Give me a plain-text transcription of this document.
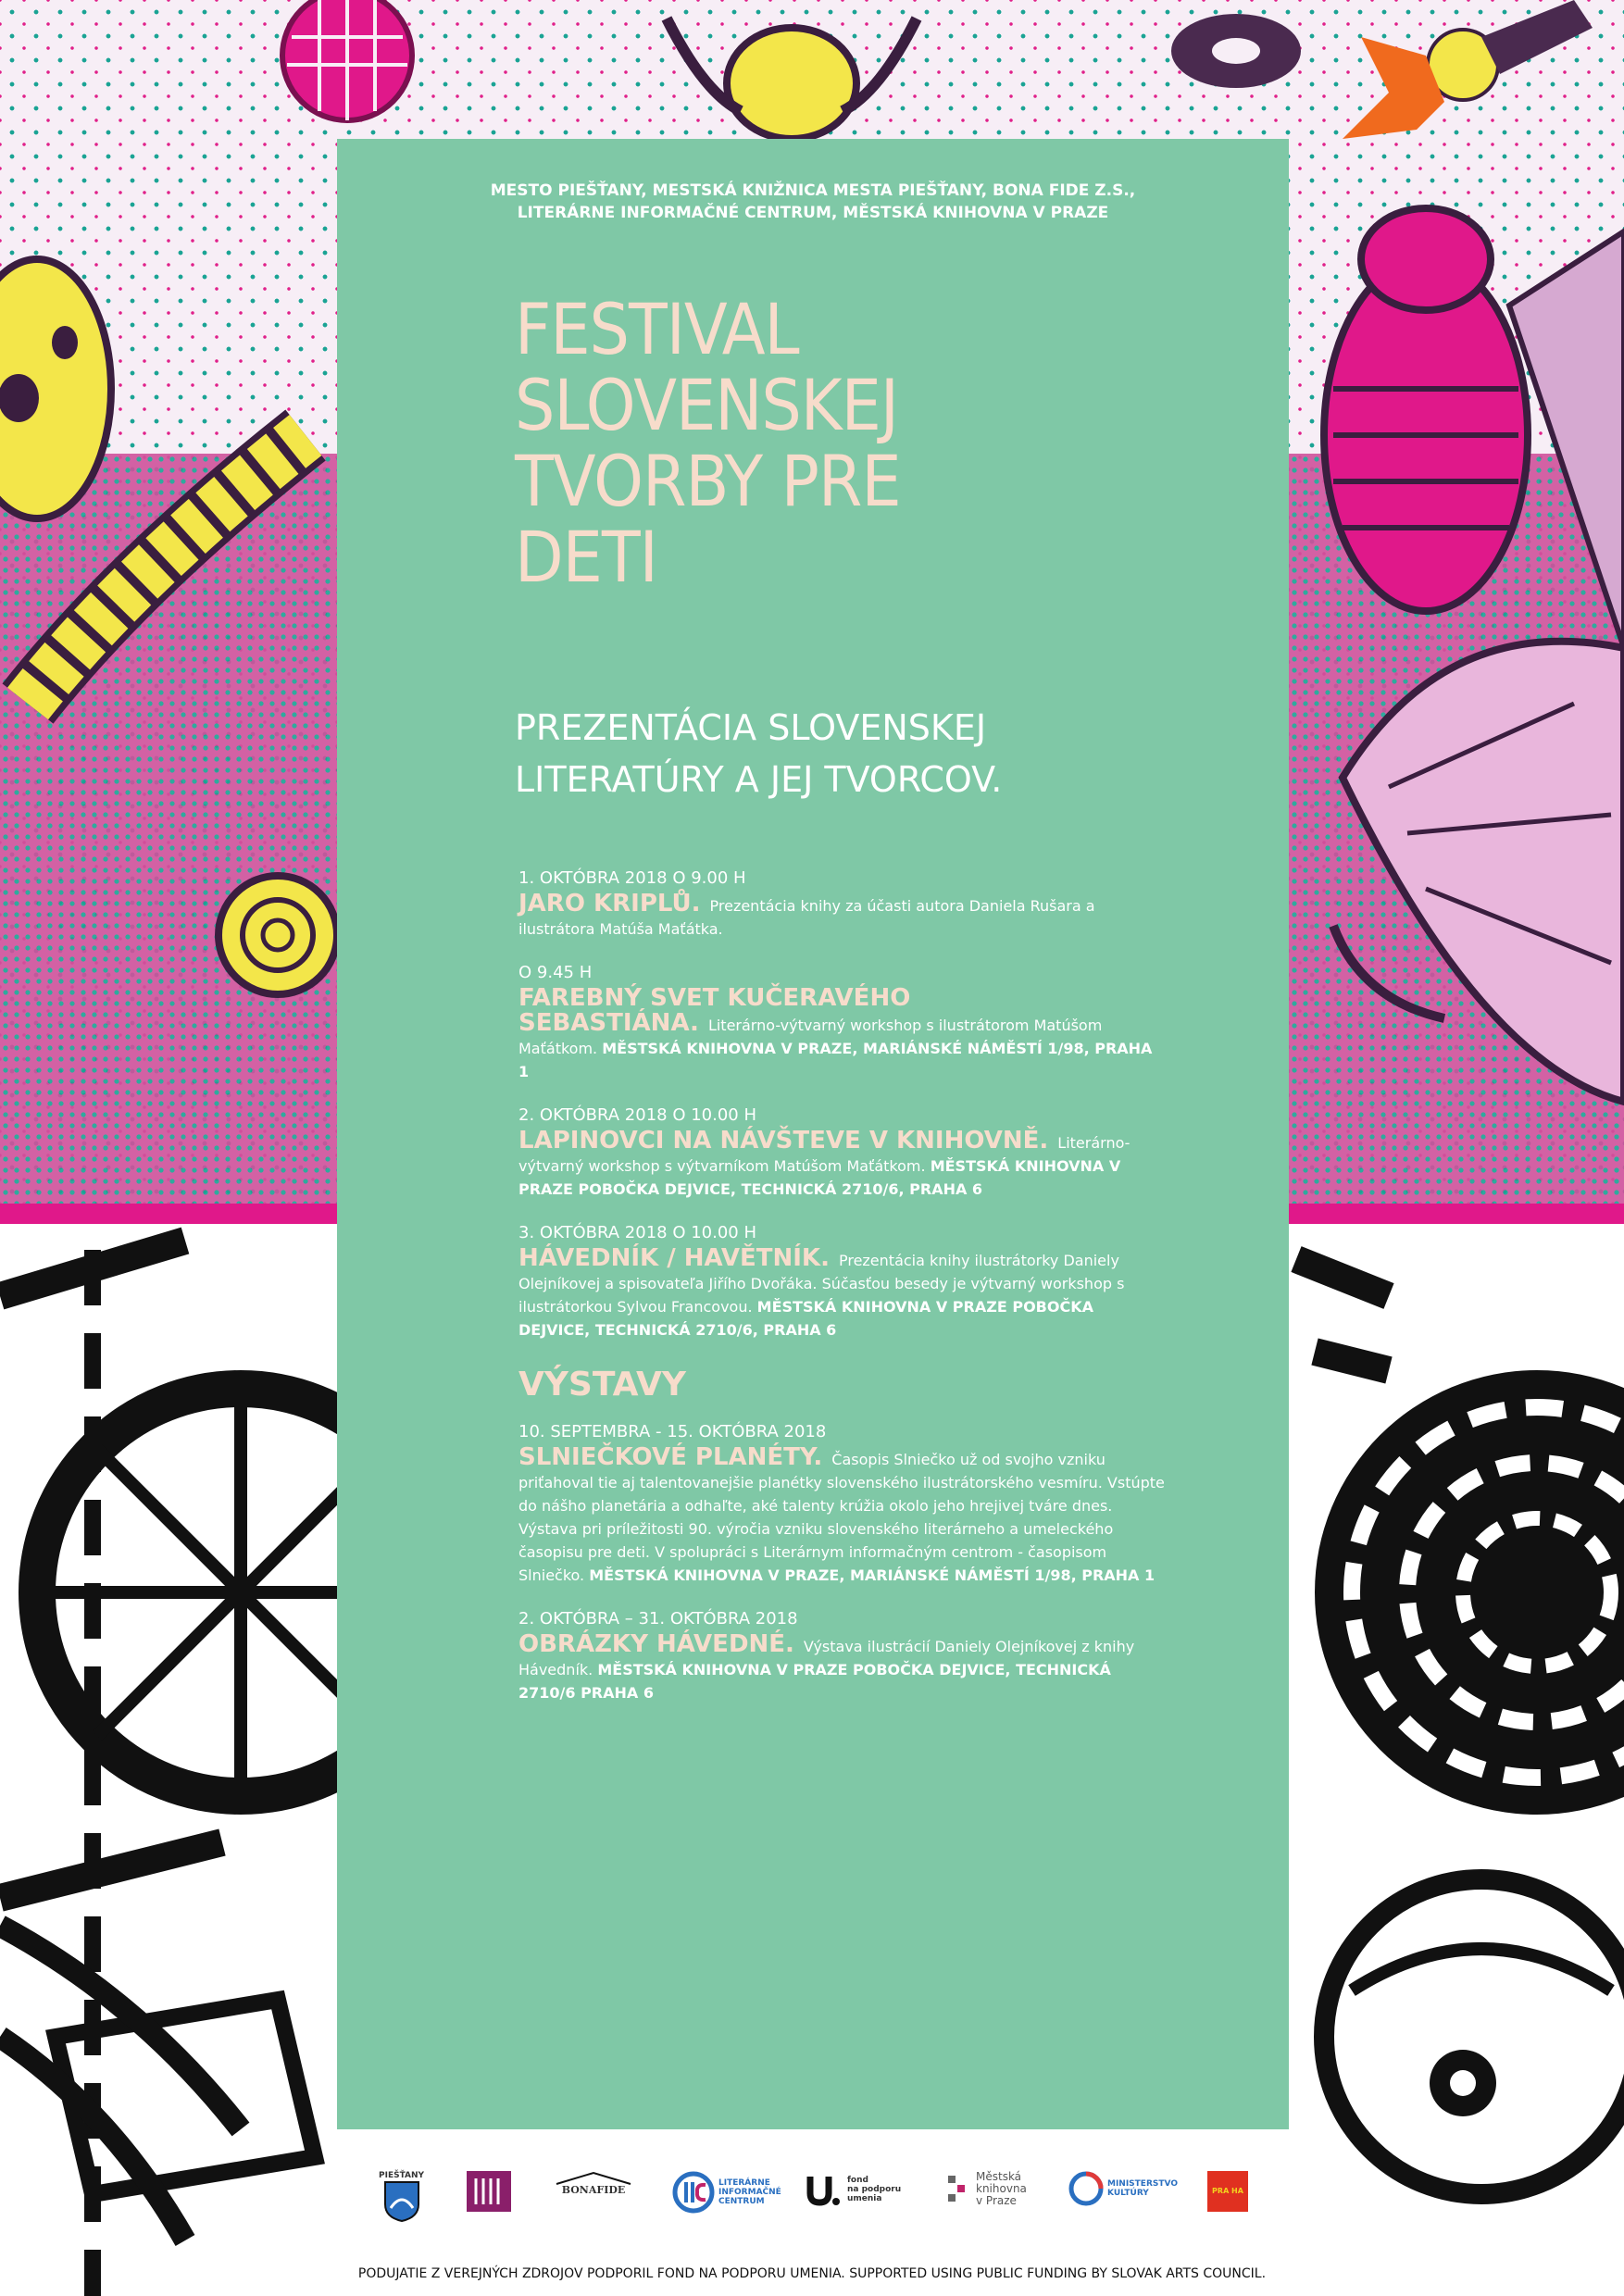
MESTO PIEŠŤANY, MESTSKÁ KNIŽNICA MESTA PIEŠŤANY, BONA FIDE Z.S.,
LITERÁRNE INFORMAČNÉ CENTRUM, MĚSTSKÁ KNIHOVNA V PRAZE
FESTIVAL
SLOVENSKEJ
TVORBY PRE
DETI
PREZENTÁCIA SLOVENSKEJ
LITERATÚRY A JEJ TVORCOV.
1. OKTÓBRA 2018 O 9.00 H
JARO KRIPLŮ. Prezentácia knihy za účasti autora Daniela Rušara a ilustrátora Matúša Maťátka.
O 9.45 H
FAREBNÝ SVET KUČERAVÉHO SEBASTIÁNA. Literárno-výtvarný workshop s ilustrátorom Matúšom Maťátkom. MĚSTSKÁ KNIHOVNA V PRAZE, MARIÁNSKÉ NÁMĚSTÍ 1/98, PRAHA 1
2. OKTÓBRA 2018 O 10.00 H
LAPINOVCI NA NÁVŠTEVE V KNIHOVNĚ. Literárno-výtvarný workshop s výtvarníkom Matúšom Maťátkom. MĚSTSKÁ KNIHOVNA V PRAZE POBOČKA DEJVICE, TECHNICKÁ 2710/6, PRAHA 6
3. OKTÓBRA 2018 O 10.00 H
HÁVEDNÍK / HAVĚTNÍK. Prezentácia knihy ilustrátorky Daniely Olejníkovej a spisovateľa Jiřího Dvořáka. Súčasťou besedy je výtvarný workshop s ilustrátorkou Sylvou Francovou. MĚSTSKÁ KNIHOVNA V PRAZE POBOČKA DEJVICE, TECHNICKÁ 2710/6, PRAHA 6
VÝSTAVY
10. SEPTEMBRA - 15. OKTÓBRA 2018
SLNIEČKOVÉ PLANÉTY. Časopis Slniečko už od svojho vzniku priťahoval tie aj talentovanejšie planétky slovenského ilustrátorského vesmíru. Vstúpte do nášho planetária a odhaľte, aké talenty krúžia okolo jeho hrejivej tváre dnes. Výstava pri príležitosti 90. výročia vzniku slovenského literárneho a umeleckého časopisu pre deti. V spolupráci s Literárnym informačným centrom - časopisom Slniečko. MĚSTSKÁ KNIHOVNA V PRAZE, MARIÁNSKÉ NÁMĚSTÍ 1/98, PRAHA 1
2. OKTÓBRA – 31. OKTÓBRA 2018
OBRÁZKY HÁVEDNÉ. Výstava ilustrácií Daniely Olejníkovej z knihy Hávedník. MĚSTSKÁ KNIHOVNA V PRAZE POBOČKA DEJVICE, TECHNICKÁ 2710/6 PRAHA 6
PIEŠŤANY
BONAFIDE
LITERÁRNE
INFORMAČNÉ
CENTRUM
fond
na podporu
umenia
Městská
knihovna
v Praze
MINISTERSTVO
KULTÚRY	PRA HA
PODUJATIE Z VEREJNÝCH ZDROJOV PODPORIL FOND NA PODPORU UMENIA. SUPPORTED USING PUBLIC FUNDING BY SLOVAK ARTS COUNCIL.
